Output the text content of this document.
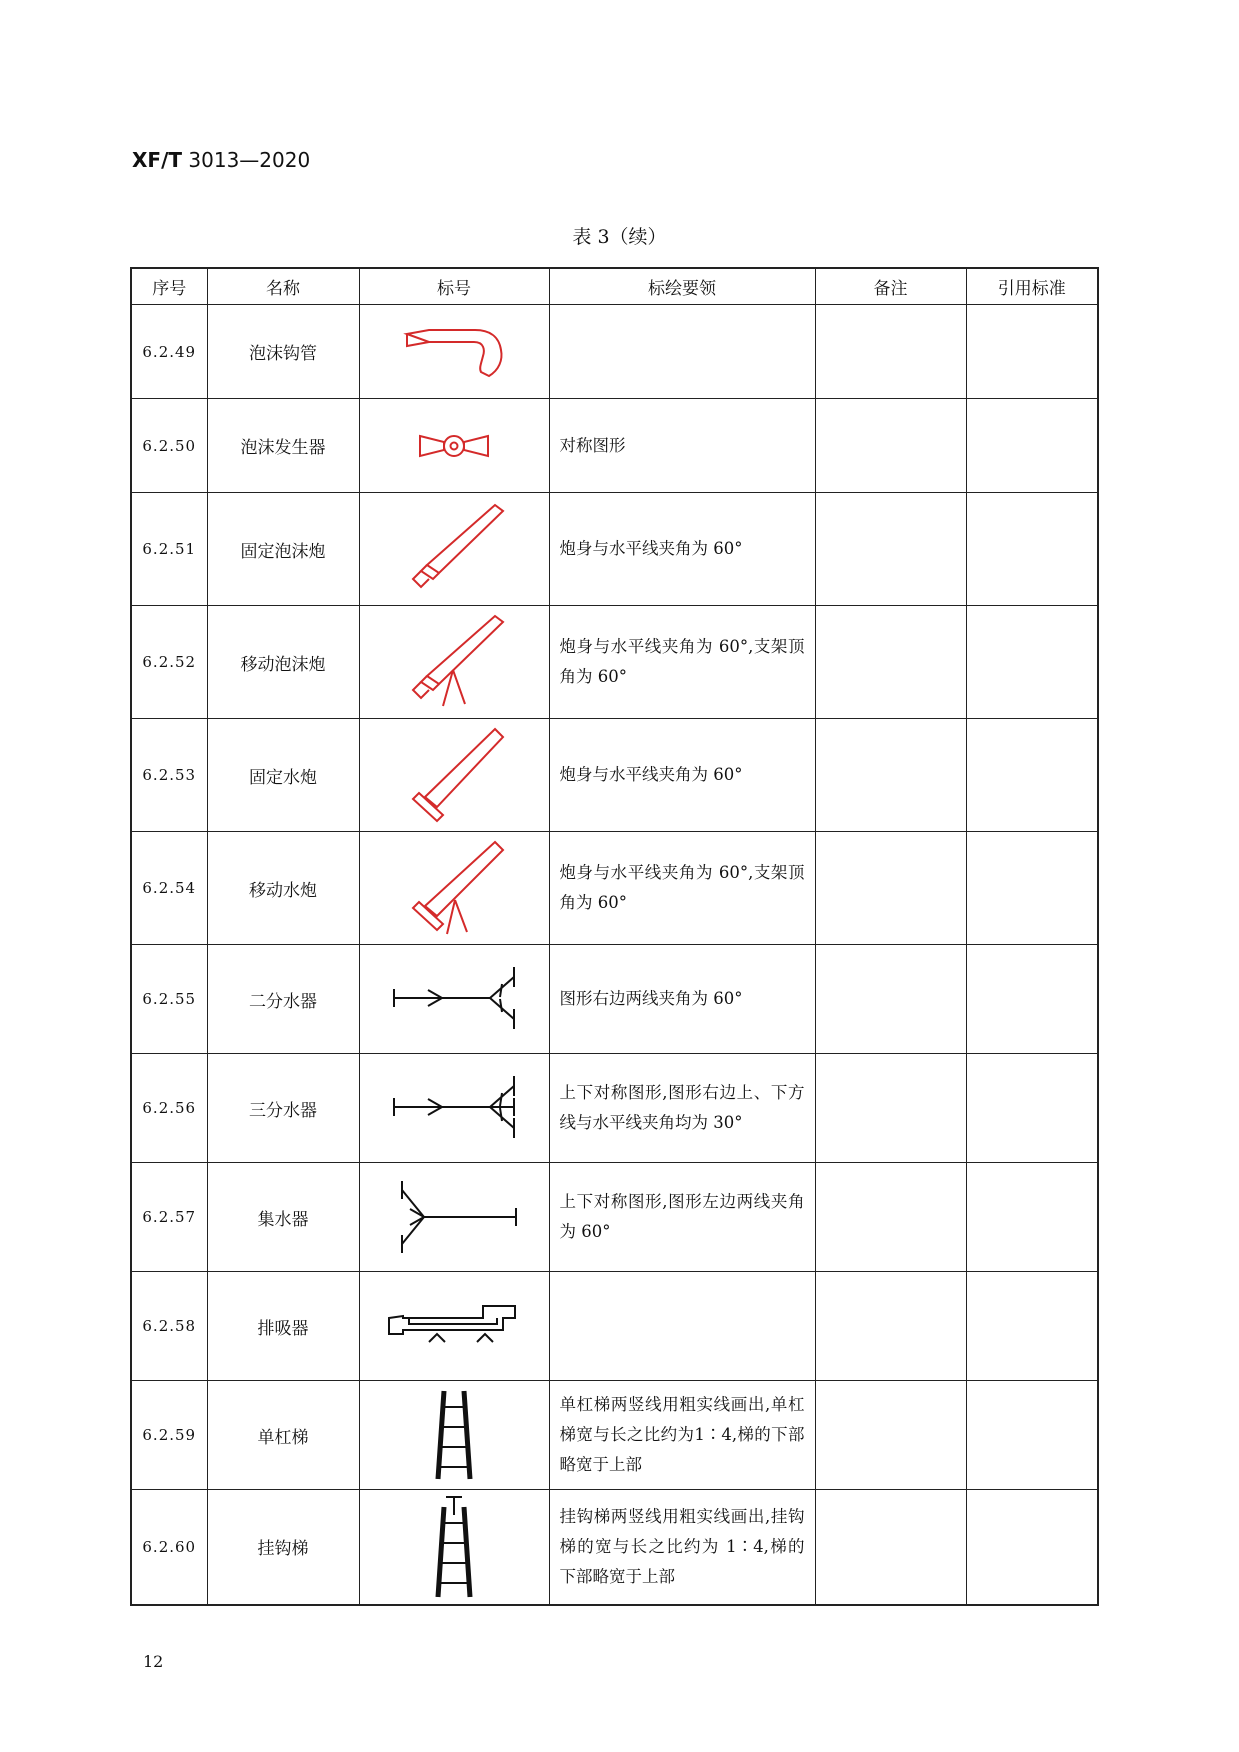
XF/T 3013—2020
表 3（续）
序号	名称	标号	标绘要领	备注	引用标准
6.2.49	泡沫钩管	

6.2.50	泡沫发生器		对称图形		
6.2.51	固定泡沫炮		炮身与水平线夹角为 60°		
6.2.52	移动泡沫炮		炮身与水平线夹角为 60°,支架顶角为 60°		
6.2.53	固定水炮		炮身与水平线夹角为 60°		
6.2.54	移动水炮		炮身与水平线夹角为 60°,支架顶角为 60°		
6.2.55	二分水器		图形右边两线夹角为 60°		
6.2.56	三分水器		上下对称图形,图形右边上、下方线与水平线夹角均为 30°		
6.2.57	集水器		上下对称图形,图形左边两线夹角为 60°		
6.2.58	排吸器	

6.2.59	单杠梯		单杠梯两竖线用粗实线画出,单杠梯宽与长之比约为1∶4,梯的下部略宽于上部		
6.2.60	挂钩梯		挂钩梯两竖线用粗实线画出,挂钩梯的宽与长之比约为 1∶4,梯的下部略宽于上部		
12
